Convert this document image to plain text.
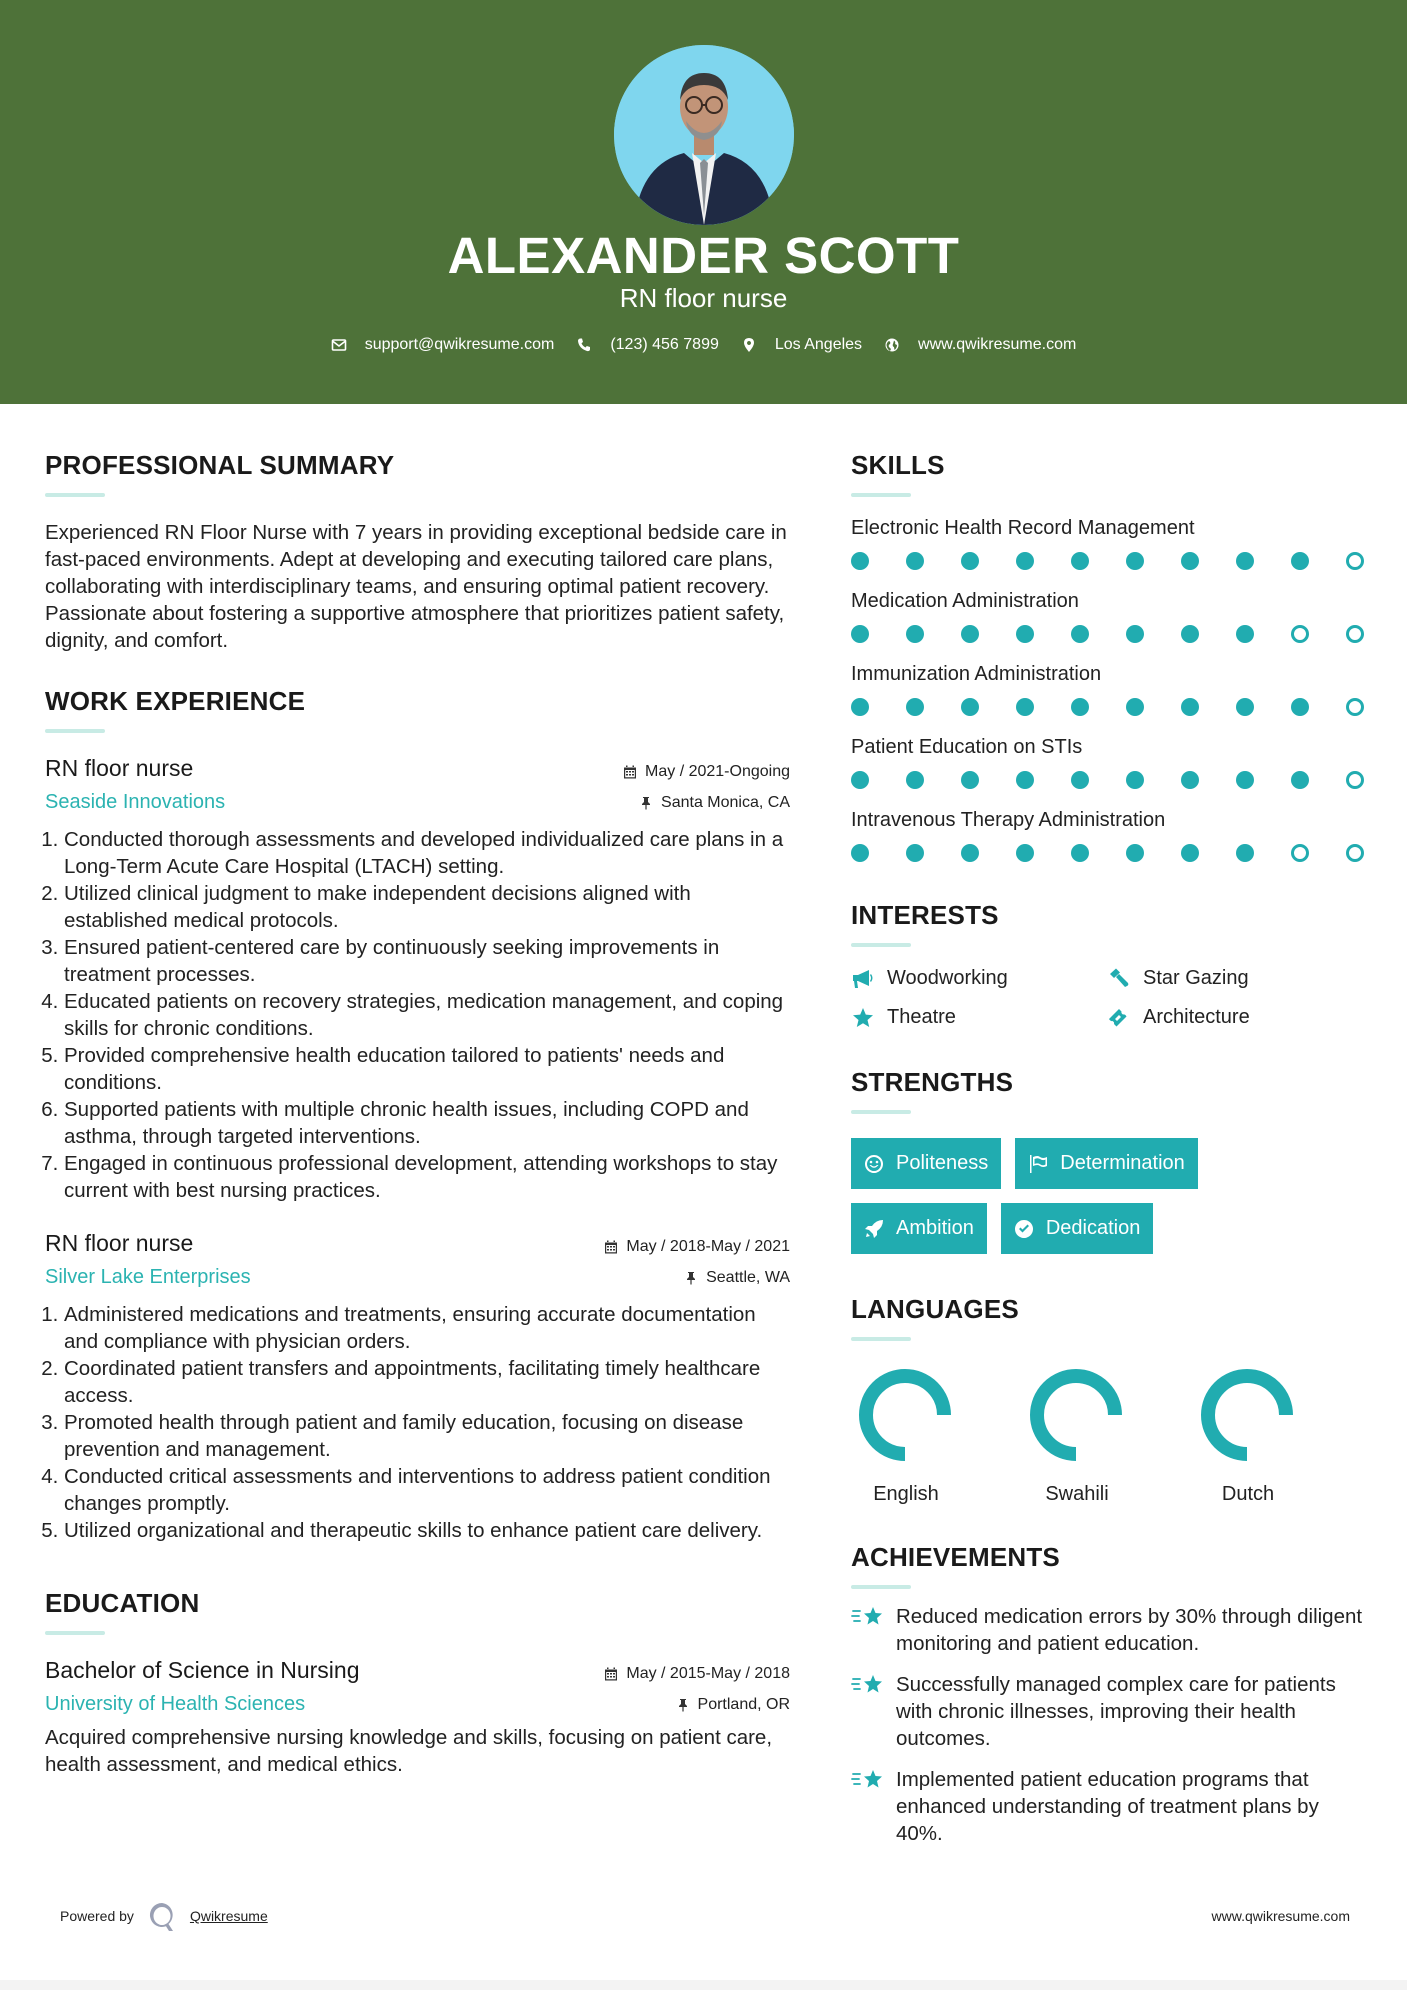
ALEXANDER SCOTT
RN floor nurse
support@qwikresume.com	(123) 456 7899	Los Angeles	www.qwikresume.com
PROFESSIONAL SUMMARY

Experienced RN Floor Nurse with 7 years in providing exceptional bedside care in fast-paced environments. Adept at developing and executing tailored care plans, collaborating with interdisciplinary teams, and ensuring optimal patient recovery. Passionate about fostering a supportive atmosphere that prioritizes patient safety, dignity, and comfort.

WORK EXPERIENCE
RN floor nurse
Seaside Innovations
May / 2021-Ongoing
Santa Monica, CA
1. Conducted thorough assessments and developed individualized care plans in a Long-Term Acute Care Hospital (LTACH) setting.
2. Utilized clinical judgment to make independent decisions aligned with established medical protocols.
3. Ensured patient-centered care by continuously seeking improvements in treatment processes.
4. Educated patients on recovery strategies, medication management, and coping skills for chronic conditions.
5. Provided comprehensive health education tailored to patients' needs and conditions.
6. Supported patients with multiple chronic health issues, including COPD and asthma, through targeted interventions.
7. Engaged in continuous professional development, attending workshops to stay current with best nursing practices.
RN floor nurse
Silver Lake Enterprises
May / 2018-May / 2021
Seattle, WA
1. Administered medications and treatments, ensuring accurate documentation and compliance with physician orders.
2. Coordinated patient transfers and appointments, facilitating timely healthcare access.
3. Promoted health through patient and family education, focusing on disease prevention and management.
4. Conducted critical assessments and interventions to address patient condition changes promptly.
5. Utilized organizational and therapeutic skills to enhance patient care delivery.
EDUCATION
Bachelor of Science in Nursing
University of Health Sciences
May / 2015-May / 2018
Portland, OR

Acquired comprehensive nursing knowledge and skills, focusing on patient care, health assessment, and medical ethics.

SKILLS
Electronic Health Record Management
Medication Administration
Immunization Administration
Patient Education on STIs
Intravenous Therapy Administration
INTERESTS
Woodworking	Star Gazing
Theatre	Architecture
STRENGTHS
Politeness	Determination
Ambition	Dedication
LANGUAGES
English	Swahili	Dutch
ACHIEVEMENTS
Reduced medication errors by 30% through diligent monitoring and patient education.
Successfully managed complex care for patients with chronic illnesses, improving their health outcomes.
Implemented patient education programs that enhanced understanding of treatment plans by 40%.
Powered by	Qwikresume	www.qwikresume.com
